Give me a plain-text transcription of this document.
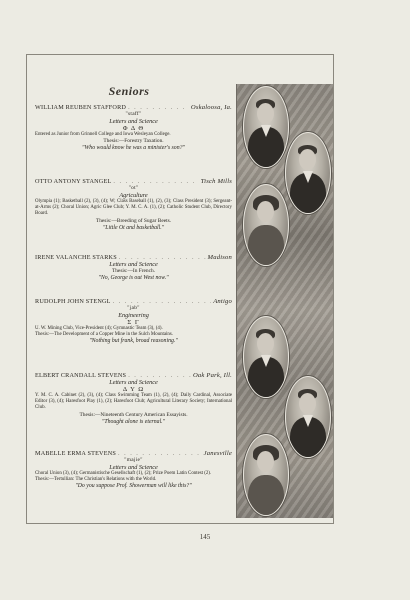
Seniors
WILLIAM REUBEN STAFFORD . . .	Oskaloosa, Ia.
"staff"
Letters and Science
Φ Δ Θ
Entered as Junior from Grinnell College and Iowa Wesleyan College.
Thesis:—Forestry Taxation.
"Who would know he was a minister's son?"
OTTO ANTONY STANGEL . . .	Tisch Mills
"ot"
Agriculture
Olympia (1); Basketball (2), (3), (4); W; Class Baseball (1), (2), (3); Class President (3); Sergeant-at-Arms (2); Choral Union; Agric Glee Club; Y. M. C. A. (1), (2); Catholic Student Club, Directory Board.
Thesis:—Breeding of Sugar Beets.
"Little Ot and basketball."
IRENE VALANCHE STARKS . . .	Madison
Letters and Science
Thesis:—In French.
"No, George is out West now."
RUDOLPH JOHN STENGL . . .	Antigo
"jab"
Engineering
Σ Γ
U. W. Mining Club, Vice-President (4); Gymnastic Team (3), (4).
Thesis:—The Development of a Copper Mine in the Sulch Mountains.
"Nothing but frank, broad reasoning."
ELBERT CRANDALL STEVENS . . .	Oak Park, Ill.
Letters and Science
Δ Υ Ω
Y. M. C. A. Cabinet (2), (3), (4); Class Swimming Team (1), (2), (4); Daily Cardinal, Associate Editor (3), (4); Haresfoot Play (1), (2); Haresfoot Club; Agricultural Literary Society; International Club.
Thesis:—Nineteenth Century American Essayists.
"Thought alone is eternal."
MABELLE ERMA STEVENS . . .	Janesville
"majie"
Letters and Science
Choral Union (3), (4); Germanistische Gesellschaft (1), (2); Prize Poem Latin Contest (2).
Thesis:—Tertullian: The Christian's Relations with the World.
"Do you suppose Prof. Showerman will like this?"
145
